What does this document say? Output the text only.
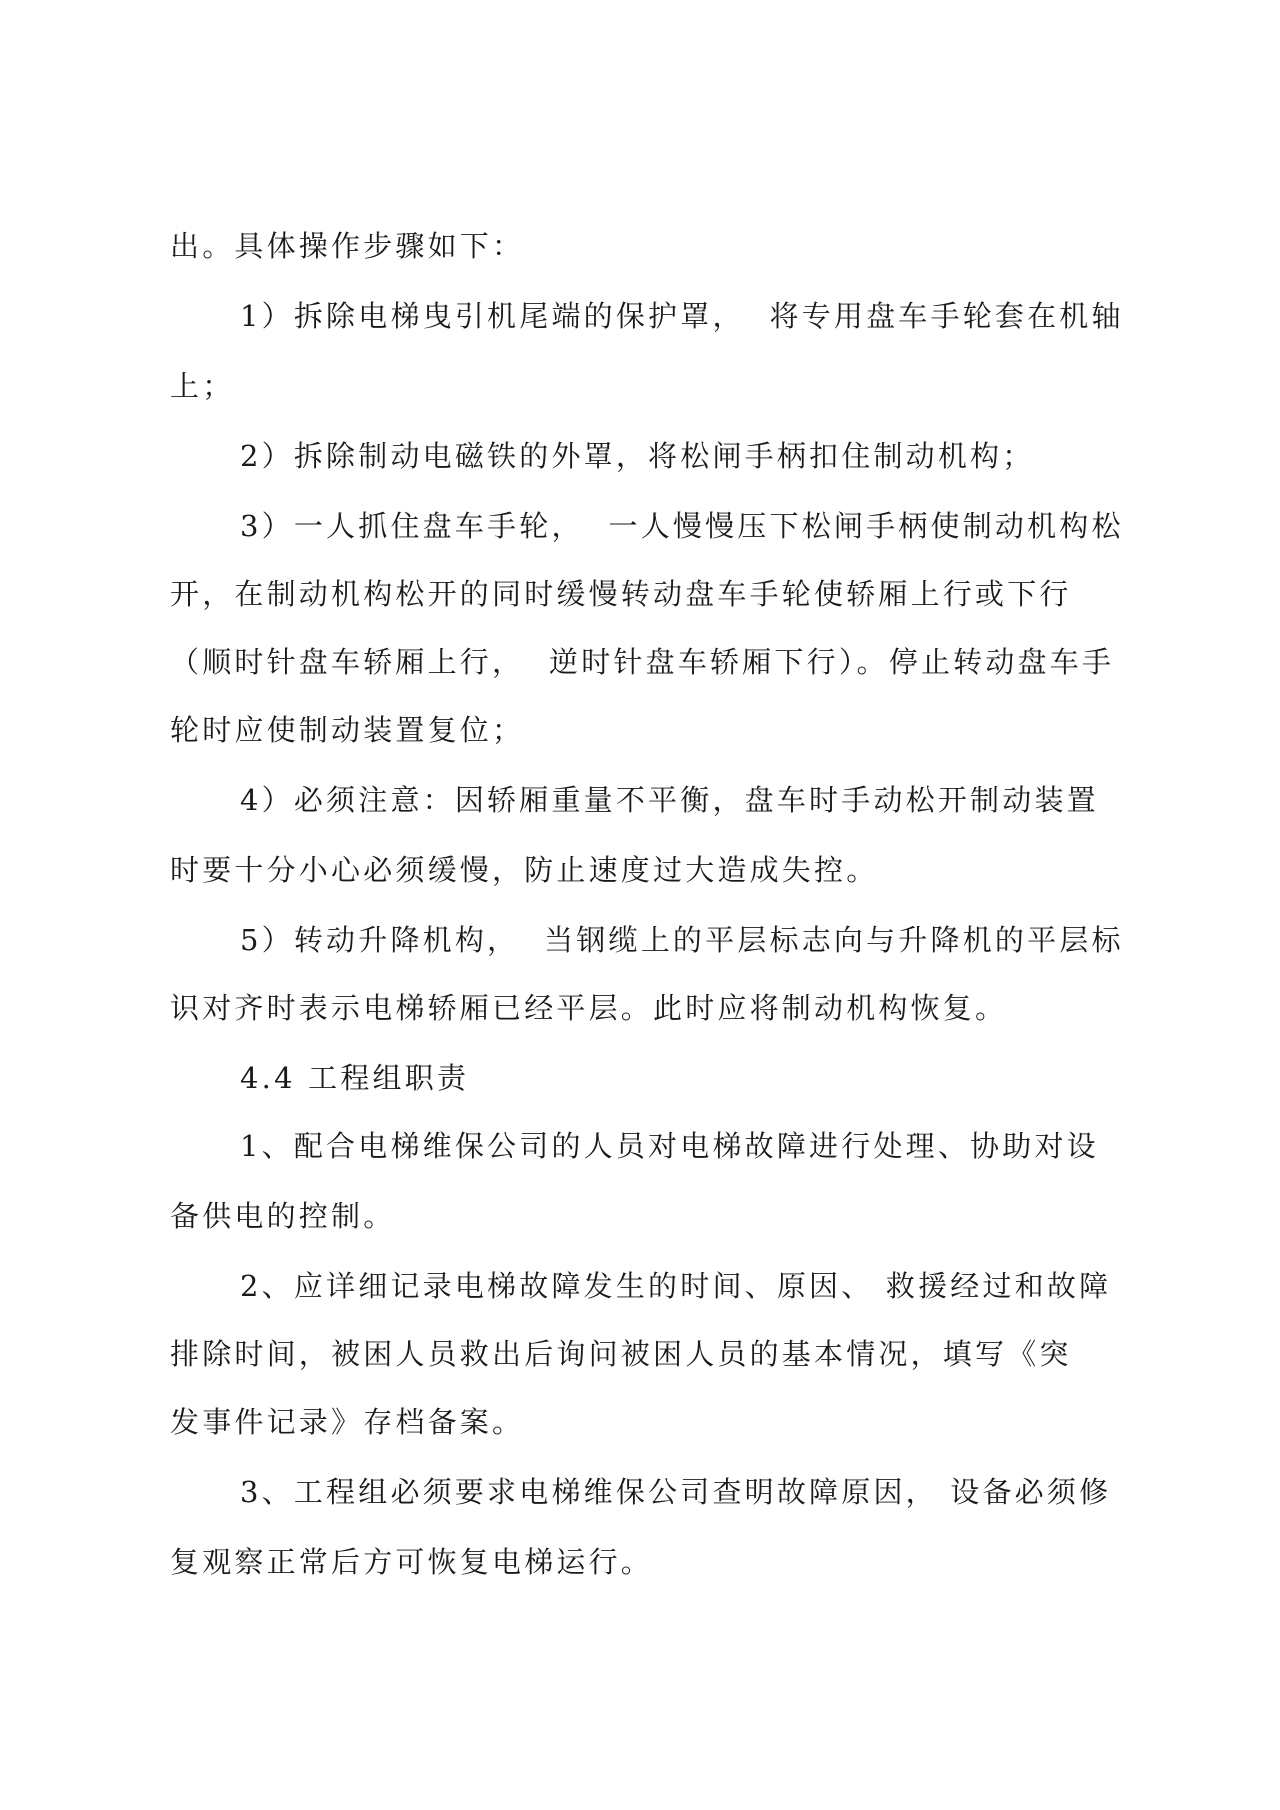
出。具体操作步骤如下：
1）拆除电梯曳引机尾端的保护罩，  将专用盘车手轮套在机轴
上；
2）拆除制动电磁铁的外罩，将松闸手柄扣住制动机构；
3）一人抓住盘车手轮，  一人慢慢压下松闸手柄使制动机构松
开，在制动机构松开的同时缓慢转动盘车手轮使轿厢上行或下行
（顺时针盘车轿厢上行，  逆时针盘车轿厢下行）。停止转动盘车手
轮时应使制动装置复位；
4）必须注意：因轿厢重量不平衡，盘车时手动松开制动装置
时要十分小心必须缓慢，防止速度过大造成失控。
5）转动升降机构，  当钢缆上的平层标志向与升降机的平层标
识对齐时表示电梯轿厢已经平层。此时应将制动机构恢复。
4.4 工程组职责
1、配合电梯维保公司的人员对电梯故障进行处理、协助对设
备供电的控制。
2、应详细记录电梯故障发生的时间、原因、 救援经过和故障
排除时间，被困人员救出后询问被困人员的基本情况，填写《突
发事件记录》存档备案。
3、工程组必须要求电梯维保公司查明故障原因， 设备必须修
复观察正常后方可恢复电梯运行。
